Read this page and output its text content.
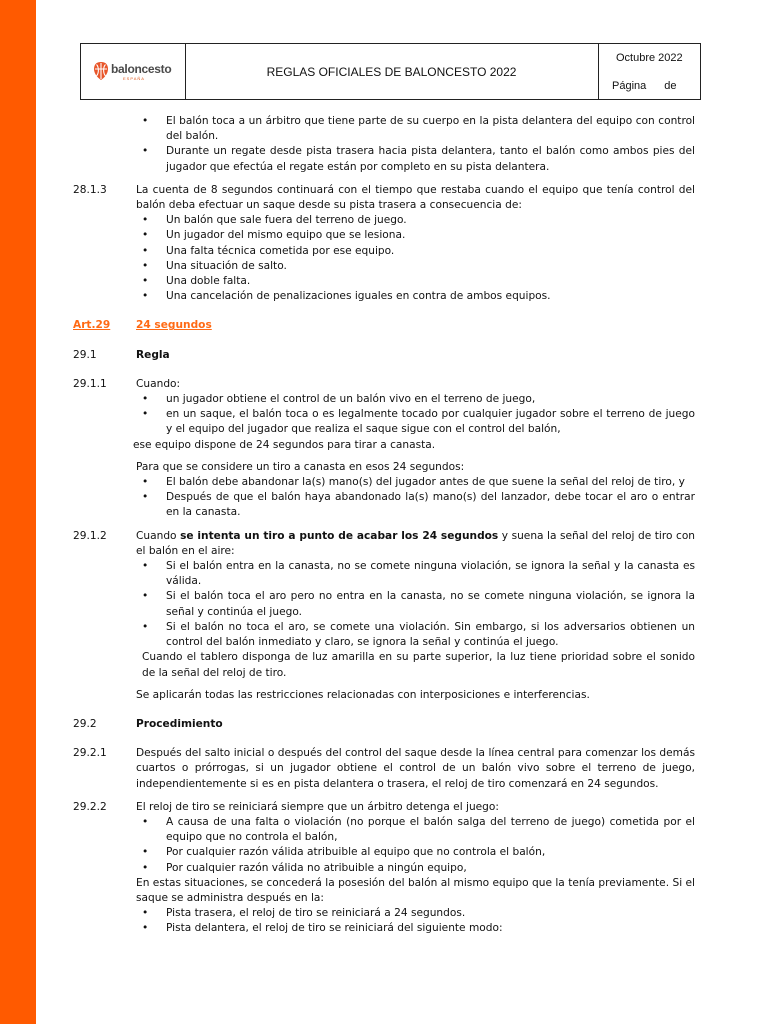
baloncesto
ESPAÑA	REGLAS OFICIALES DE BALONCESTO 2022
Octubre 2022
Página de
• El balón toca a un árbitro que tiene parte de su cuerpo en la pista delantera del equipo con control del balón.
• Durante un regate desde pista trasera hacia pista delantera, tanto el balón como ambos pies del jugador que efectúa el regate están por completo en su pista delantera.
28.1.3	La cuenta de 8 segundos continuará con el tiempo que restaba cuando el equipo que tenía control del balón deba efectuar un saque desde su pista trasera a consecuencia de:
• Un balón que sale fuera del terreno de juego.
• Un jugador del mismo equipo que se lesiona.
• Una falta técnica cometida por ese equipo.
• Una situación de salto.
• Una doble falta.
• Una cancelación de penalizaciones iguales en contra de ambos equipos.
Art.29	24 segundos
29.1	Regla
29.1.1	Cuando:
• un jugador obtiene el control de un balón vivo en el terreno de juego,
• en un saque, el balón toca o es legalmente tocado por cualquier jugador sobre el terreno de juego y el equipo del jugador que realiza el saque sigue con el control del balón,
ese equipo dispone de 24 segundos para tirar a canasta.
Para que se considere un tiro a canasta en esos 24 segundos:
• El balón debe abandonar la(s) mano(s) del jugador antes de que suene la señal del reloj de tiro, y
• Después de que el balón haya abandonado la(s) mano(s) del lanzador, debe tocar el aro o entrar en la canasta.
29.1.2	Cuando se intenta un tiro a punto de acabar los 24 segundos y suena la señal del reloj de tiro con el balón en el aire:
• Si el balón entra en la canasta, no se comete ninguna violación, se ignora la señal y la canasta es válida.
• Si el balón toca el aro pero no entra en la canasta, no se comete ninguna violación, se ignora la señal y continúa el juego.
• Si el balón no toca el aro, se comete una violación. Sin embargo, si los adversarios obtienen un control del balón inmediato y claro, se ignora la señal y continúa el juego.
Cuando el tablero disponga de luz amarilla en su parte superior, la luz tiene prioridad sobre el sonido de la señal del reloj de tiro.
Se aplicarán todas las restricciones relacionadas con interposiciones e interferencias.
29.2	Procedimiento
29.2.1	Después del salto inicial o después del control del saque desde la línea central para comenzar los demás cuartos o prórrogas, si un jugador obtiene el control de un balón vivo sobre el terreno de juego, independientemente si es en pista delantera o trasera, el reloj de tiro comenzará en 24 segundos.
29.2.2	El reloj de tiro se reiniciará siempre que un árbitro detenga el juego:
• A causa de una falta o violación (no porque el balón salga del terreno de juego) cometida por el equipo que no controla el balón,
• Por cualquier razón válida atribuible al equipo que no controla el balón,
• Por cualquier razón válida no atribuible a ningún equipo,
En estas situaciones, se concederá la posesión del balón al mismo equipo que la tenía previamente. Si el saque se administra después en la:
• Pista trasera, el reloj de tiro se reiniciará a 24 segundos.
• Pista delantera, el reloj de tiro se reiniciará del siguiente modo:
